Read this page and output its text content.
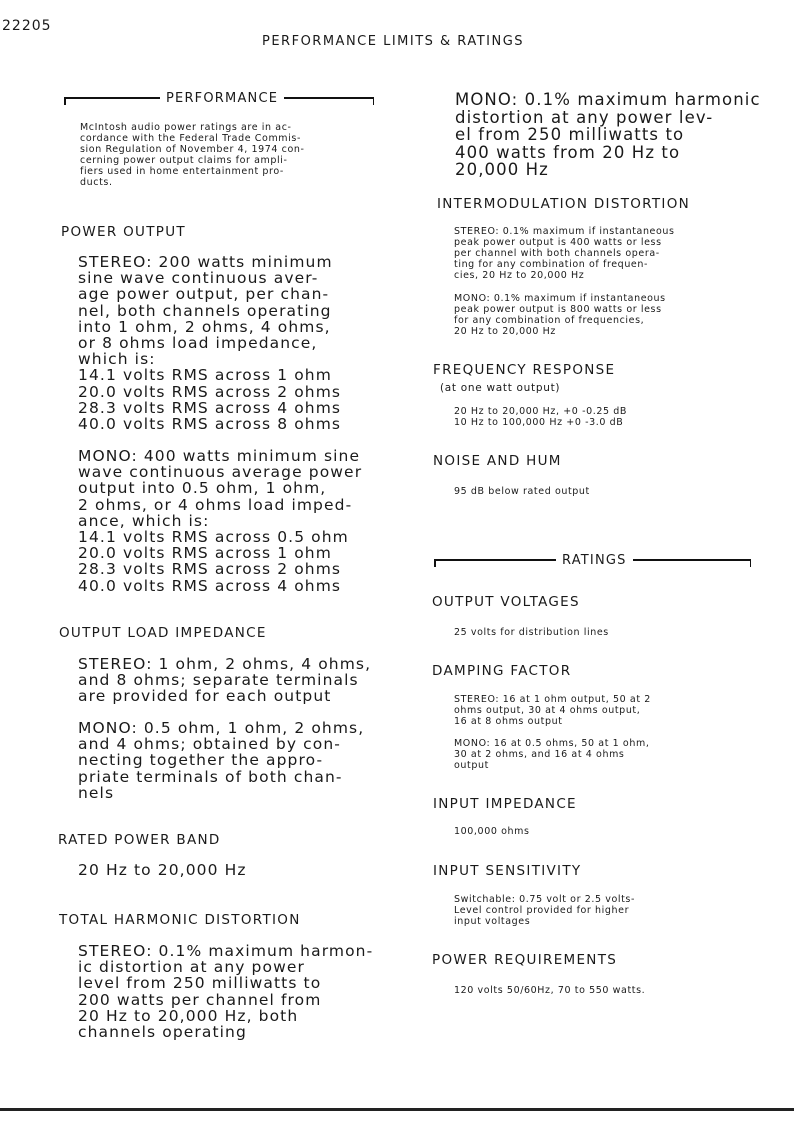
22205
PERFORMANCE LIMITS & RATINGS
PERFORMANCE
McIntosh audio power ratings are in ac-
cordance with the Federal Trade Commis-
sion Regulation of November 4, 1974 con-
cerning power output claims for ampli-
fiers used in home entertainment pro-
ducts.
POWER OUTPUT
STEREO: 200 watts minimum
sine wave continuous aver-
age power output, per chan-
nel, both channels operating
into 1 ohm, 2 ohms, 4 ohms,
or 8 ohms load impedance,
which is:
14.1 volts RMS across 1 ohm
20.0 volts RMS across 2 ohms
28.3 volts RMS across 4 ohms
40.0 volts RMS across 8 ohms
MONO: 400 watts minimum sine
wave continuous average power
output into 0.5 ohm, 1 ohm,
2 ohms, or 4 ohms load imped-
ance, which is:
14.1 volts RMS across 0.5 ohm
20.0 volts RMS across 1 ohm
28.3 volts RMS across 2 ohms
40.0 volts RMS across 4 ohms
OUTPUT LOAD IMPEDANCE
STEREO: 1 ohm, 2 ohms, 4 ohms,
and 8 ohms; separate terminals
are provided for each output
MONO: 0.5 ohm, 1 ohm, 2 ohms,
and 4 ohms; obtained by con-
necting together the appro-
priate terminals of both chan-
nels
RATED POWER BAND
20 Hz to 20,000 Hz
TOTAL HARMONIC DISTORTION
STEREO: 0.1% maximum harmon-
ic distortion at any power
level from 250 milliwatts to
200 watts per channel from
20 Hz to 20,000 Hz, both
channels operating
MONO: 0.1% maximum harmonic
distortion at any power lev-
el from 250 milliwatts to
400 watts from 20 Hz to
20,000 Hz
INTERMODULATION DISTORTION
STEREO: 0.1% maximum if instantaneous
peak power output is 400 watts or less
per channel with both channels opera-
ting for any combination of frequen-
cies, 20 Hz to 20,000 Hz
MONO: 0.1% maximum if instantaneous
peak power output is 800 watts or less
for any combination of frequencies,
20 Hz to 20,000 Hz
FREQUENCY RESPONSE
(at one watt output)
20 Hz to 20,000 Hz, +0 -0.25 dB
10 Hz to 100,000 Hz +0 -3.0 dB
NOISE AND HUM
95 dB below rated output
RATINGS
OUTPUT VOLTAGES
25 volts for distribution lines
DAMPING FACTOR
STEREO: 16 at 1 ohm output, 50 at 2
ohms output, 30 at 4 ohms output,
16 at 8 ohms output
MONO: 16 at 0.5 ohms, 50 at 1 ohm,
30 at 2 ohms, and 16 at 4 ohms
output
INPUT IMPEDANCE
100,000 ohms
INPUT SENSITIVITY
Switchable: 0.75 volt or 2.5 volts-
Level control provided for higher
input voltages
POWER REQUIREMENTS
120 volts 50/60Hz, 70 to 550 watts.
